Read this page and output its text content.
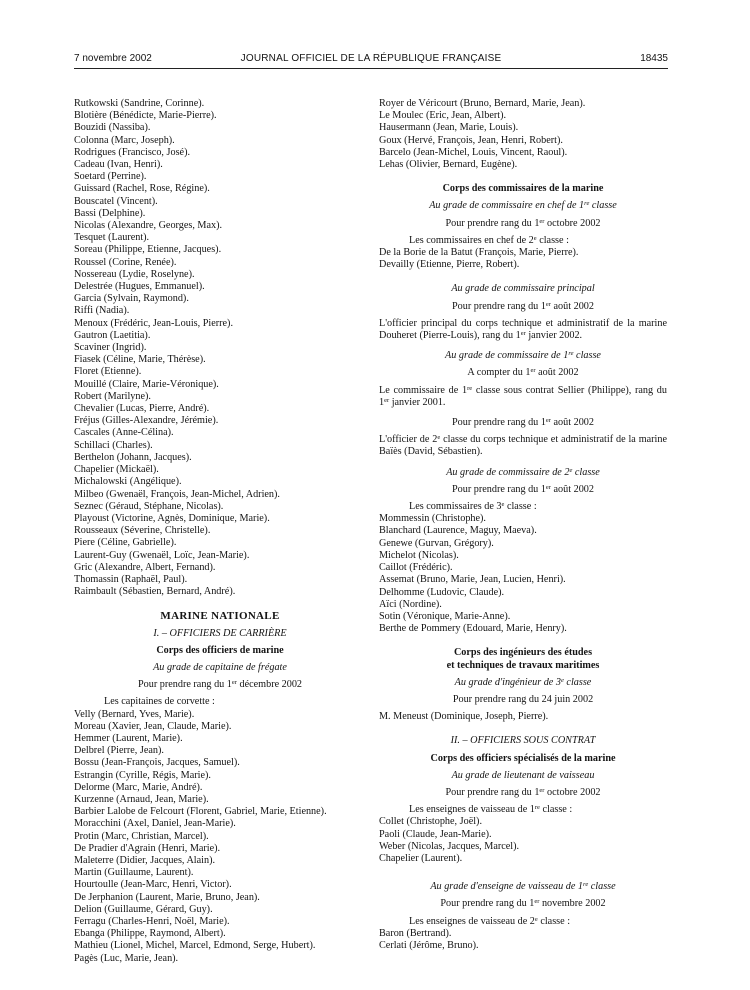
7 novembre 2002	JOURNAL OFFICIEL DE LA RÉPUBLIQUE FRANÇAISE	18435
Rutkowski (Sandrine, Corinne).
Blotière (Bénédicte, Marie-Pierre).
Bouzidi (Nassiba).
Colonna (Marc, Joseph).
Rodrigues (Francisco, José).
Cadeau (Ivan, Henri).
Soetard (Perrine).
Guissard (Rachel, Rose, Régine).
Bouscatel (Vincent).
Bassi (Delphine).
Nicolas (Alexandre, Georges, Max).
Tesquet (Laurent).
Soreau (Philippe, Etienne, Jacques).
Roussel (Corine, Renée).
Nossereau (Lydie, Roselyne).
Delestrée (Hugues, Emmanuel).
Garcia (Sylvain, Raymond).
Riffi (Nadia).
Menoux (Frédéric, Jean-Louis, Pierre).
Gautron (Laetitia).
Scaviner (Ingrid).
Fiasek (Céline, Marie, Thérèse).
Floret (Etienne).
Mouillé (Claire, Marie-Véronique).
Robert (Marilyne).
Chevalier (Lucas, Pierre, André).
Fréjus (Gilles-Alexandre, Jérémie).
Cascales (Anne-Célina).
Schillaci (Charles).
Berthelon (Johann, Jacques).
Chapelier (Mickaël).
Michalowski (Angélique).
Milbeo (Gwenaël, François, Jean-Michel, Adrien).
Seznec (Géraud, Stéphane, Nicolas).
Playoust (Victorine, Agnès, Dominique, Marie).
Rousseaux (Séverine, Christelle).
Piere (Céline, Gabrielle).
Laurent-Guy (Gwenaël, Loïc, Jean-Marie).
Gric (Alexandre, Albert, Fernand).
Thomassin (Raphaël, Paul).
Raimbault (Sébastien, Bernard, André).
MARINE NATIONALE
I. – OFFICIERS DE CARRIÈRE
Corps des officiers de marine
Au grade de capitaine de frégate
Pour prendre rang du 1er décembre 2002
Les capitaines de corvette :
Velly (Bernard, Yves, Marie).
Moreau (Xavier, Jean, Claude, Marie).
Hemmer (Laurent, Marie).
Delbrel (Pierre, Jean).
Bossu (Jean-François, Jacques, Samuel).
Estrangin (Cyrille, Régis, Marie).
Delorme (Marc, Marie, André).
Kurzenne (Arnaud, Jean, Marie).
Barbier Lalobe de Felcourt (Florent, Gabriel, Marie, Etienne).
Moracchini (Axel, Daniel, Jean-Marie).
Protin (Marc, Christian, Marcel).
De Pradier d'Agrain (Henri, Marie).
Maleterre (Didier, Jacques, Alain).
Martin (Guillaume, Laurent).
Hourtoulle (Jean-Marc, Henri, Victor).
De Jerphanion (Laurent, Marie, Bruno, Jean).
Delion (Guillaume, Gérard, Guy).
Ferragu (Charles-Henri, Noël, Marie).
Ebanga (Philippe, Raymond, Albert).
Mathieu (Lionel, Michel, Marcel, Edmond, Serge, Hubert).
Pagès (Luc, Marie, Jean).
Royer de Véricourt (Bruno, Bernard, Marie, Jean).
Le Moulec (Eric, Jean, Albert).
Hausermann (Jean, Marie, Louis).
Goux (Hervé, François, Jean, Henri, Robert).
Barcelo (Jean-Michel, Louis, Vincent, Raoul).
Lehas (Olivier, Bernard, Eugène).
Corps des commissaires de la marine
Au grade de commissaire en chef de 1re classe
Pour prendre rang du 1er octobre 2002
Les commissaires en chef de 2e classe :
De la Borie de la Batut (François, Marie, Pierre).
Devailly (Etienne, Pierre, Robert).
Au grade de commissaire principal
Pour prendre rang du 1er août 2002
L'officier principal du corps technique et administratif de la marine Douheret (Pierre-Louis), rang du 1er janvier 2002.
Au grade de commissaire de 1re classe
A compter du 1er août 2002
Le commissaire de 1re classe sous contrat Sellier (Philippe), rang du 1er janvier 2001.
Pour prendre rang du 1er août 2002
L'officier de 2e classe du corps technique et administratif de la marine Baïès (David, Sébastien).
Au grade de commissaire de 2e classe
Pour prendre rang du 1er août 2002
Les commissaires de 3e classe :
Mommessin (Christophe).
Blanchard (Laurence, Maguy, Maeva).
Genewe (Gurvan, Grégory).
Michelot (Nicolas).
Caillot (Frédéric).
Assemat (Bruno, Marie, Jean, Lucien, Henri).
Delhomme (Ludovic, Claude).
Aïci (Nordine).
Sotin (Véronique, Marie-Anne).
Berthe de Pommery (Edouard, Marie, Henry).
Corps des ingénieurs des études
et techniques de travaux maritimes
Au grade d'ingénieur de 3e classe
Pour prendre rang du 24 juin 2002
M. Meneust (Dominique, Joseph, Pierre).
II. – OFFICIERS SOUS CONTRAT
Corps des officiers spécialisés de la marine
Au grade de lieutenant de vaisseau
Pour prendre rang du 1er octobre 2002
Les enseignes de vaisseau de 1re classe :
Collet (Christophe, Joël).
Paoli (Claude, Jean-Marie).
Weber (Nicolas, Jacques, Marcel).
Chapelier (Laurent).
Au grade d'enseigne de vaisseau de 1re classe
Pour prendre rang du 1er novembre 2002
Les enseignes de vaisseau de 2e classe :
Baron (Bertrand).
Cerlati (Jérôme, Bruno).
